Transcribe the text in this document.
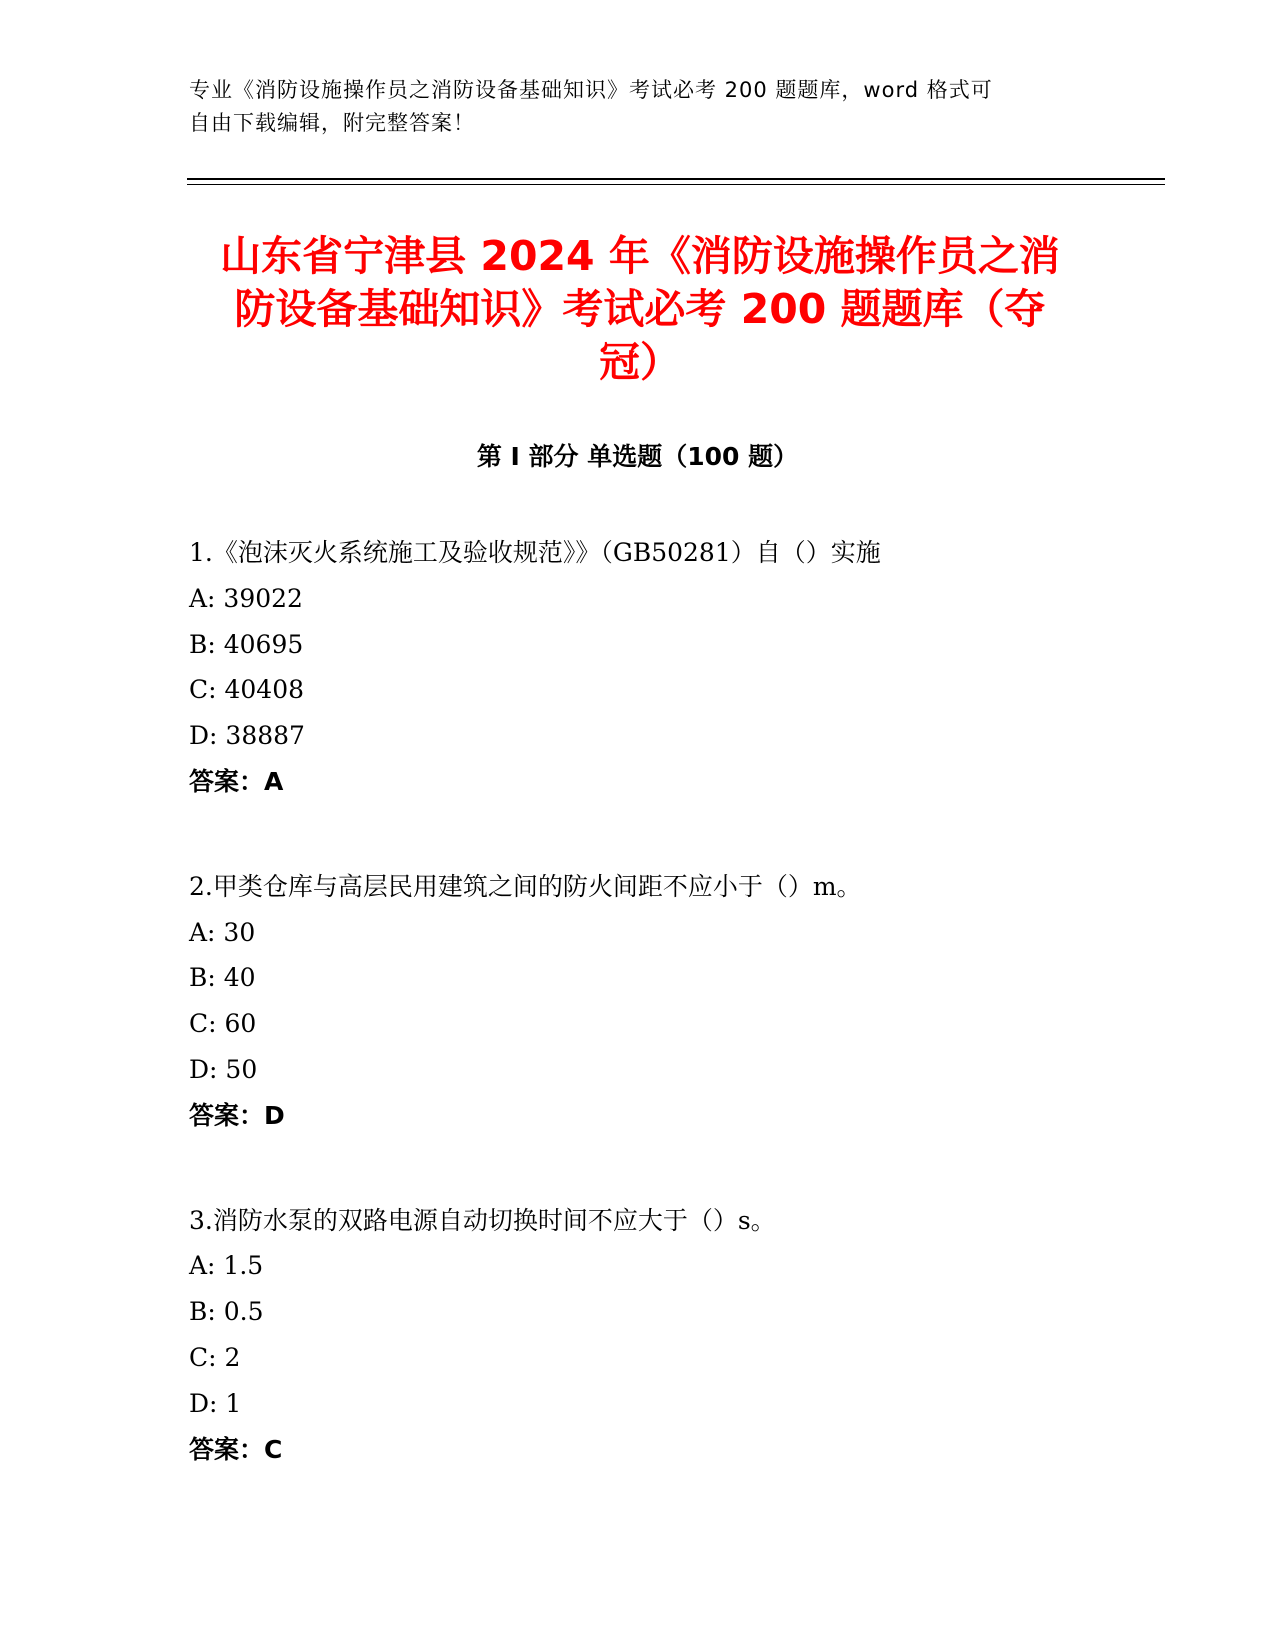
专业《消防设施操作员之消防设备基础知识》考试必考 200 题题库，word 格式可
自由下载编辑，附完整答案！
山东省宁津县 2024 年《消防设施操作员之消
防设备基础知识》考试必考 200 题题库（夺
冠）
第 I 部分 单选题（100 题）
1.《泡沫灭火系统施工及验收规范》》（GB50281）自（）实施
A: 39022
B: 40695
C: 40408
D: 38887
答案：A
2.甲类仓库与高层民用建筑之间的防火间距不应小于（）m。
A: 30
B: 40
C: 60
D: 50
答案：D
3.消防水泵的双路电源自动切换时间不应大于（）s。
A: 1.5
B: 0.5
C: 2
D: 1
答案：C
